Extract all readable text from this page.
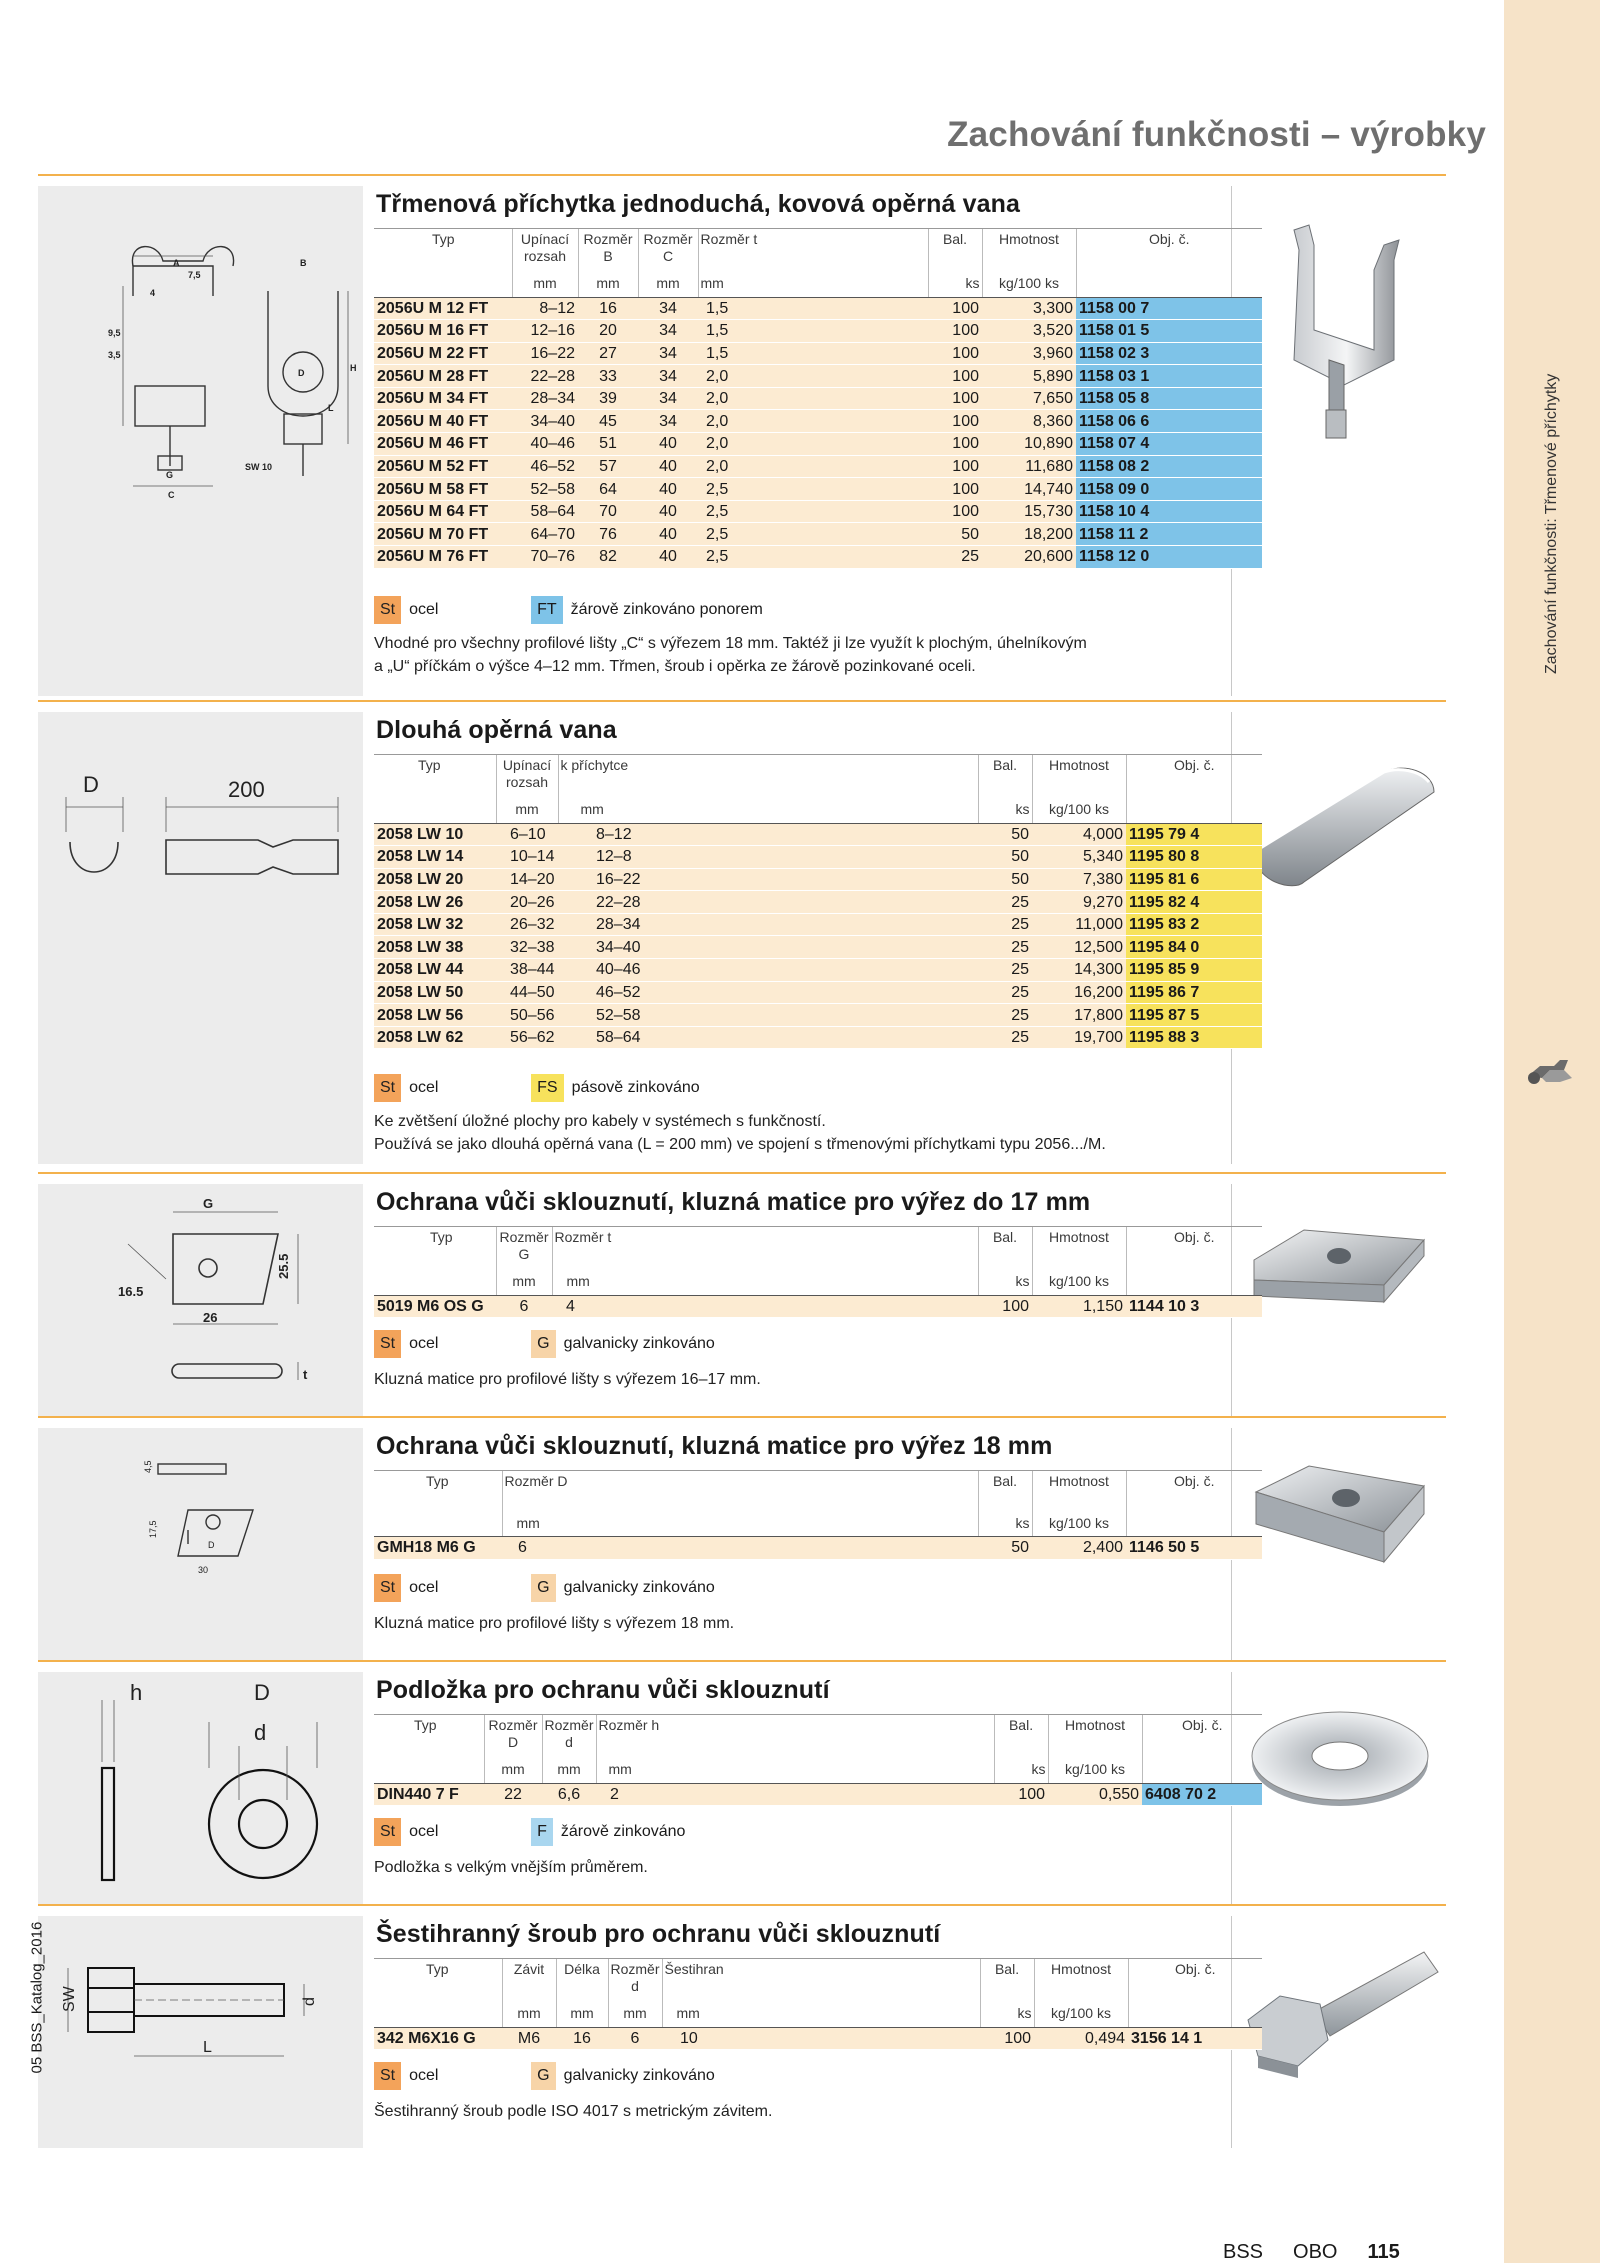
Zachování funkčnosti – výrobky
A
7,5
4
9,5
3,5
B
D	H
L
G
C
SW 10
Třmenová příchytka jednoduchá, kovová opěrná vana
Typ	Upínací rozsah	Rozměr B	Rozměr C	Rozměr t	Bal.	Hmotnost	Obj. č.
	mm	mm	mm	mm	ks	kg/100 ks	
2056U M 12 FT	8–12	16	34	1,5	100	3,300	1158 00 7
2056U M 16 FT	12–16	20	34	1,5	100	3,520	1158 01 5
2056U M 22 FT	16–22	27	34	1,5	100	3,960	1158 02 3
2056U M 28 FT	22–28	33	34	2,0	100	5,890	1158 03 1
2056U M 34 FT	28–34	39	34	2,0	100	7,650	1158 05 8
2056U M 40 FT	34–40	45	34	2,0	100	8,360	1158 06 6
2056U M 46 FT	40–46	51	40	2,0	100	10,890	1158 07 4
2056U M 52 FT	46–52	57	40	2,0	100	11,680	1158 08 2
2056U M 58 FT	52–58	64	40	2,5	100	14,740	1158 09 0
2056U M 64 FT	58–64	70	40	2,5	100	15,730	1158 10 4
2056U M 70 FT	64–70	76	40	2,5	50	18,200	1158 11 2
2056U M 76 FT	70–76	82	40	2,5	25	20,600	1158 12 0
St ocel	FT žárově zinkováno ponorem
Vhodné pro všechny profilové lišty „C“ s výřezem 18 mm. Taktéž ji lze využít k plochým, úhelníkovým
a „U“ příčkám o výšce 4–12 mm. Třmen, šroub i opěrka ze žárově pozinkované oceli.
D	200
Dlouhá opěrná vana
Typ	Upínací rozsah	k příchytce	Bal.	Hmotnost	Obj. č.
	mm	mm	ks	kg/100 ks	
2058 LW 10	6–10	8–12	50	4,000	1195 79 4
2058 LW 14	10–14	12–8	50	5,340	1195 80 8
2058 LW 20	14–20	16–22	50	7,380	1195 81 6
2058 LW 26	20–26	22–28	25	9,270	1195 82 4
2058 LW 32	26–32	28–34	25	11,000	1195 83 2
2058 LW 38	32–38	34–40	25	12,500	1195 84 0
2058 LW 44	38–44	40–46	25	14,300	1195 85 9
2058 LW 50	44–50	46–52	25	16,200	1195 86 7
2058 LW 56	50–56	52–58	25	17,800	1195 87 5
2058 LW 62	56–62	58–64	25	19,700	1195 88 3
St ocel	FS pásově zinkováno
Ke zvětšení úložné plochy pro kabely v systémech s funkčností.
Používá se jako dlouhá opěrná vana (L = 200 mm) ve spojení s třmenovými příchytkami typu 2056.../M.
G
25.5
16.5
26
t
Ochrana vůči sklouznutí, kluzná matice pro výřez do 17 mm
Typ	Rozměr G	Rozměr t	Bal.	Hmotnost	Obj. č.
	mm	mm	ks	kg/100 ks	
5019 M6 OS G	6	4	100	1,150	1144 10 3
St ocel	G galvanicky zinkováno
Kluzná matice pro profilové lišty s výřezem 16–17 mm.
4,5
17,5
D
30
Ochrana vůči sklouznutí, kluzná matice pro výřez 18 mm
Typ	Rozměr D	Bal.	Hmotnost	Obj. č.
	mm	ks	kg/100 ks	
GMH18 M6 G	6	50	2,400	1146 50 5
St ocel	G galvanicky zinkováno
Kluzná matice pro profilové lišty s výřezem 18 mm.
h	D
d
Podložka pro ochranu vůči sklouznutí
Typ	Rozměr D	Rozměr d	Rozměr h	Bal.	Hmotnost	Obj. č.
	mm	mm	mm	ks	kg/100 ks	
DIN440 7 F	22	6,6	2	100	0,550	6408 70 2
St ocel	F žárově zinkováno
Podložka s velkým vnějším průměrem.
SW	d
L
Šestihranný šroub pro ochranu vůči sklouznutí
Typ	Závit	Délka	Rozměr d	Šestihran	Bal.	Hmotnost	Obj. č.
	mm	mm	mm	mm	ks	kg/100 ks	
342 M6X16 G	M6	16	6	10	100	0,494	3156 14 1
St ocel	G galvanicky zinkováno
Šestihranný šroub podle ISO 4017 s metrickým závitem.
05 BSS_Katalog_2016
BSS OBO 115
